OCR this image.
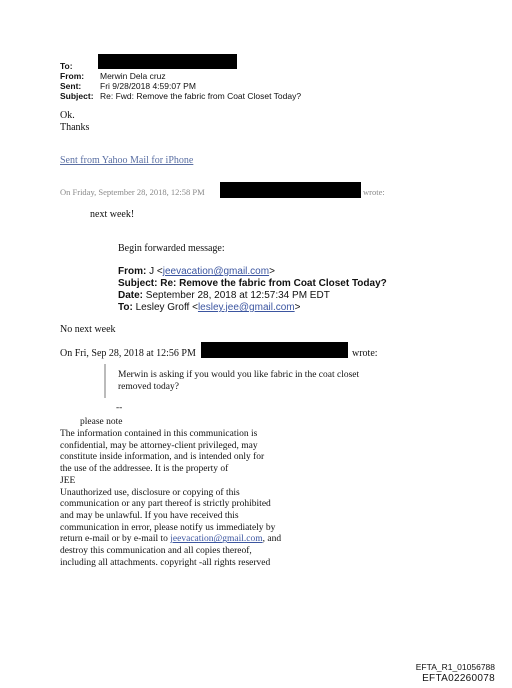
To:
From: Merwin Dela cruz
Sent: Fri 9/28/2018 4:59:07 PM
Subject: Re: Fwd: Remove the fabric from Coat Closet Today?
Ok.
Thanks
Sent from Yahoo Mail for iPhone
On Friday, September 28, 2018, 12:58 PM	wrote:
next week!
Begin forwarded message:
From: J <jeevacation@gmail.com>
Subject: Re: Remove the fabric from Coat Closet Today?
Date: September 28, 2018 at 12:57:34 PM EDT
To: Lesley Groff <lesley.jee@gmail.com>
No next week
On Fri, Sep 28, 2018 at 12:56 PM	wrote:
Merwin is asking if you would you like fabric in the coat closet
removed today?
--
please note
The information contained in this communication is
confidential, may be attorney-client privileged, may
constitute inside information, and is intended only for
the use of the addressee. It is the property of
JEE
Unauthorized use, disclosure or copying of this
communication or any part thereof is strictly prohibited
and may be unlawful. If you have received this
communication in error, please notify us immediately by
return e-mail or by e-mail to jeevacation@gmail.com, and
destroy this communication and all copies thereof,
including all attachments. copyright -all rights reserved
EFTA_R1_01056788
EFTA02260078
